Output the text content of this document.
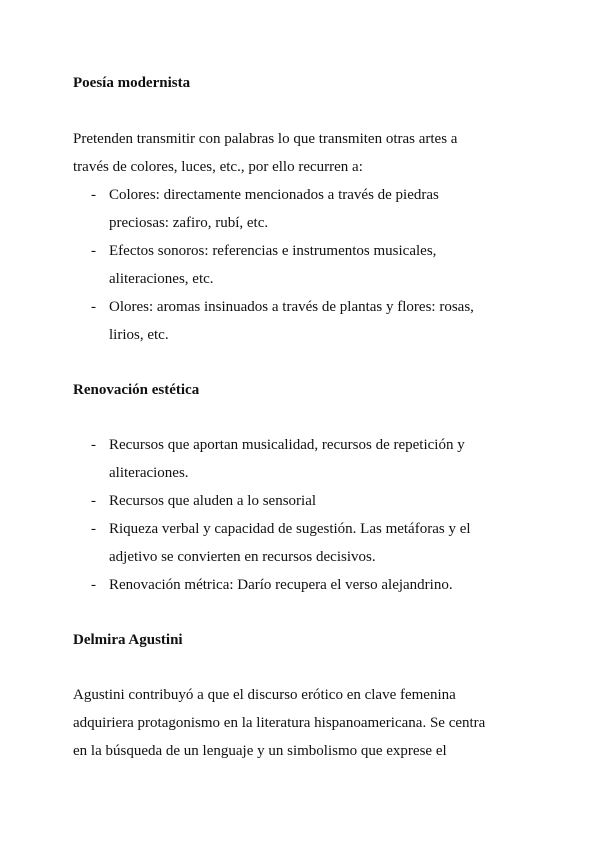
Poesía modernista
Pretenden transmitir con palabras lo que transmiten otras artes a
través de colores, luces, etc., por ello recurren a:
- Colores: directamente mencionados a través de piedras
preciosas: zafiro, rubí, etc.
- Efectos sonoros: referencias e instrumentos musicales,
aliteraciones, etc.
- Olores: aromas insinuados a través de plantas y flores: rosas,
lirios, etc.
Renovación estética
- Recursos que aportan musicalidad, recursos de repetición y
aliteraciones.
- Recursos que aluden a lo sensorial
- Riqueza verbal y capacidad de sugestión. Las metáforas y el
adjetivo se convierten en recursos decisivos.
- Renovación métrica: Darío recupera el verso alejandrino.
Delmira Agustini
Agustini contribuyó a que el discurso erótico en clave femenina
adquiriera protagonismo en la literatura hispanoamericana. Se centra
en la búsqueda de un lenguaje y un simbolismo que exprese el
